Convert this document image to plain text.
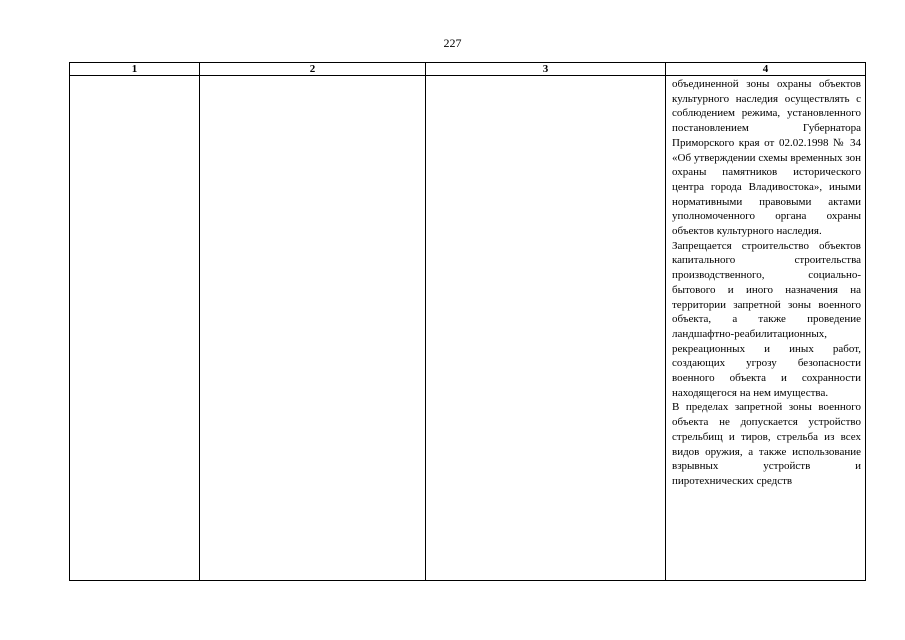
227
1	2	3	4

			объединенной зоны охраны объектов культурного наследия осуществлять с соблюдением режима, установленного постановлением Губернатора Приморского края от 02.02.1998 № 34 «Об утверждении схемы временных зон охраны памятников исторического центра города Владивостока», иными нормативными правовыми актами уполномоченного органа охраны объектов культурного наследия.

Запрещается строительство объектов капитального строительства производственного, социально-бытового и иного назначения на территории запретной зоны военного объекта, а также проведение ландшафтно-реабилитационных, рекреационных и иных работ, создающих угрозу безопасности военного объекта и сохранности находящегося на нем имущества.

В пределах запретной зоны военного объекта не допускается устройство стрельбищ и тиров, стрельба из всех видов оружия, а также использование взрывных устройств и пиротехнических средств
